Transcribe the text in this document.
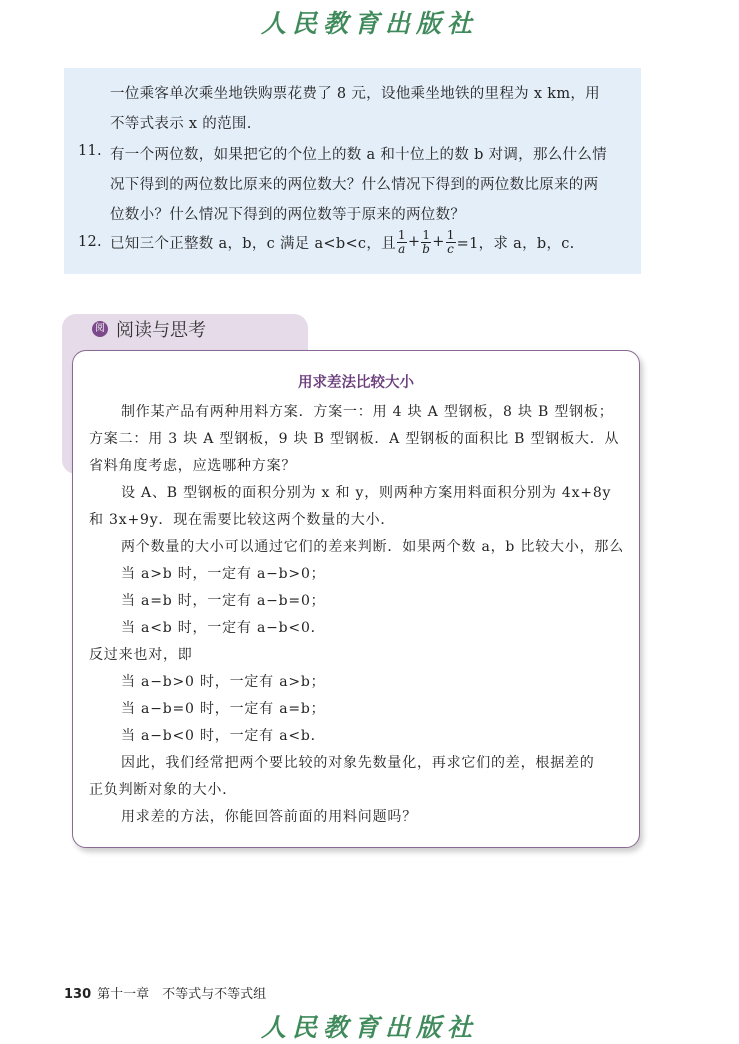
人民教育出版社
一位乘客单次乘坐地铁购票花费了 8 元，设他乘坐地铁的里程为 x km，用
不等式表示 x 的范围.
11. 有一个两位数，如果把它的个位上的数 a 和十位上的数 b 对调，那么什么情
况下得到的两位数比原来的两位数大？什么情况下得到的两位数比原来的两
位数小？什么情况下得到的两位数等于原来的两位数？
12. 已知三个正整数 a，b，c 满足 a<b<c，且 $\frac{1}{a} + \frac{1}{b} + \frac{1}{c} =1$，求 a，b，c.
阅 阅读与思考
用求差法比较大小
制作某产品有两种用料方案．方案一：用 4 块 A 型钢板，8 块 B 型钢板；
方案二：用 3 块 A 型钢板，9 块 B 型钢板．A 型钢板的面积比 B 型钢板大．从
省料角度考虑，应选哪种方案？
设 A、B 型钢板的面积分别为 x 和 y，则两种方案用料面积分别为 4x+8y
和 3x+9y．现在需要比较这两个数量的大小．
两个数量的大小可以通过它们的差来判断．如果两个数 a，b 比较大小，那么
当 a>b 时，一定有 a−b>0；
当 a=b 时，一定有 a−b=0；
当 a<b 时，一定有 a−b<0．
反过来也对，即
当 a−b>0 时，一定有 a>b；
当 a−b=0 时，一定有 a=b；
当 a−b<0 时，一定有 a<b．
因此，我们经常把两个要比较的对象先数量化，再求它们的差，根据差的
正负判断对象的大小．
用求差的方法，你能回答前面的用料问题吗？
130 第十一章　不等式与不等式组
人民教育出版社
